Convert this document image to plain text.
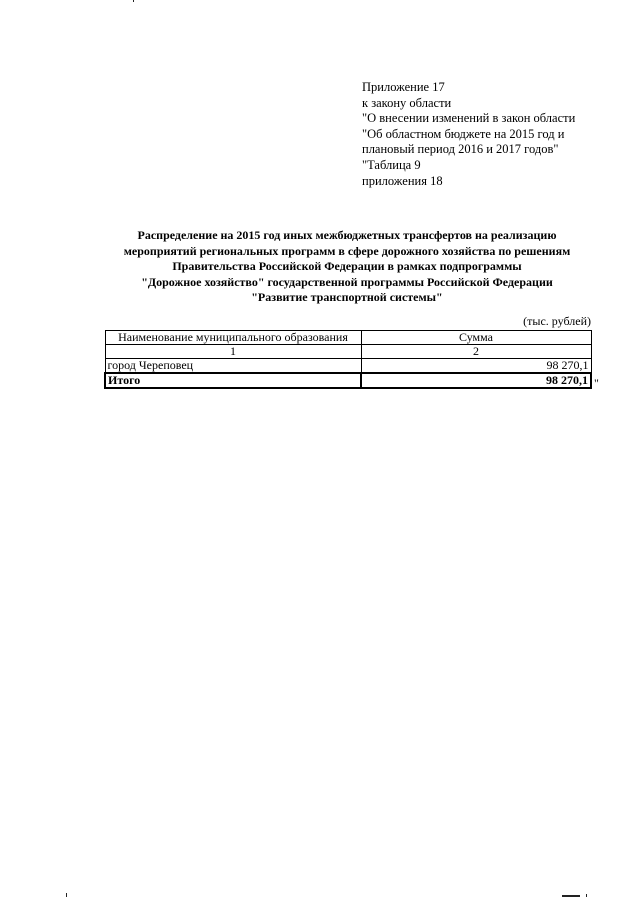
Приложение 17
к закону области
"О внесении изменений в закон области
"Об областном бюджете на 2015 год и
плановый период 2016 и 2017 годов"
"Таблица 9
приложения 18
Распределение на 2015 год иных межбюджетных трансфертов на реализацию
мероприятий региональных программ в сфере дорожного хозяйства по решениям
Правительства Российской Федерации в рамках подпрограммы
"Дорожное хозяйство" государственной программы Российской Федерации
"Развитие транспортной системы"
(тыс. рублей)
Наименование муниципального образования	Сумма
1	2
город Череповец	98 270,1
Итого	98 270,1 "
